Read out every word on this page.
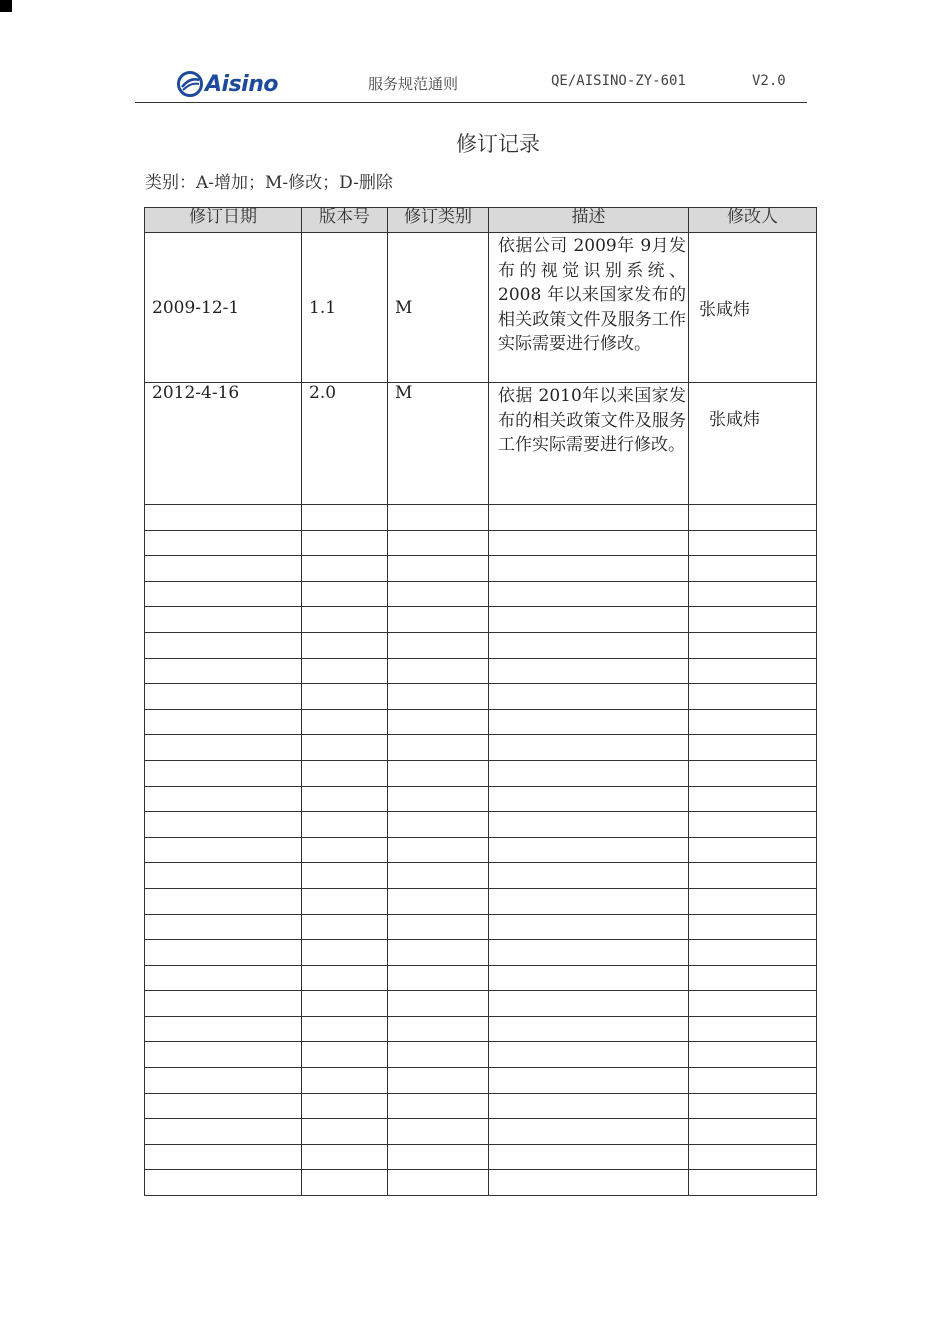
Aisino	服务规范通则	QE/AISINO-ZY-601	V2.0
修订记录
类别：A-增加；M-修改；D-删除
修订日期	版本号	修订类别	描述	修改人
2009-12-1	1.1	M	依据公司 2009年 9月发布的视觉识别系统、2008 年以来国家发布的相关政策文件及服务工作实际需要进行修改。	张咸炜
2012-4-16	2.0	M	依据 2010年以来国家发布的相关政策文件及服务工作实际需要进行修改。	张咸炜
